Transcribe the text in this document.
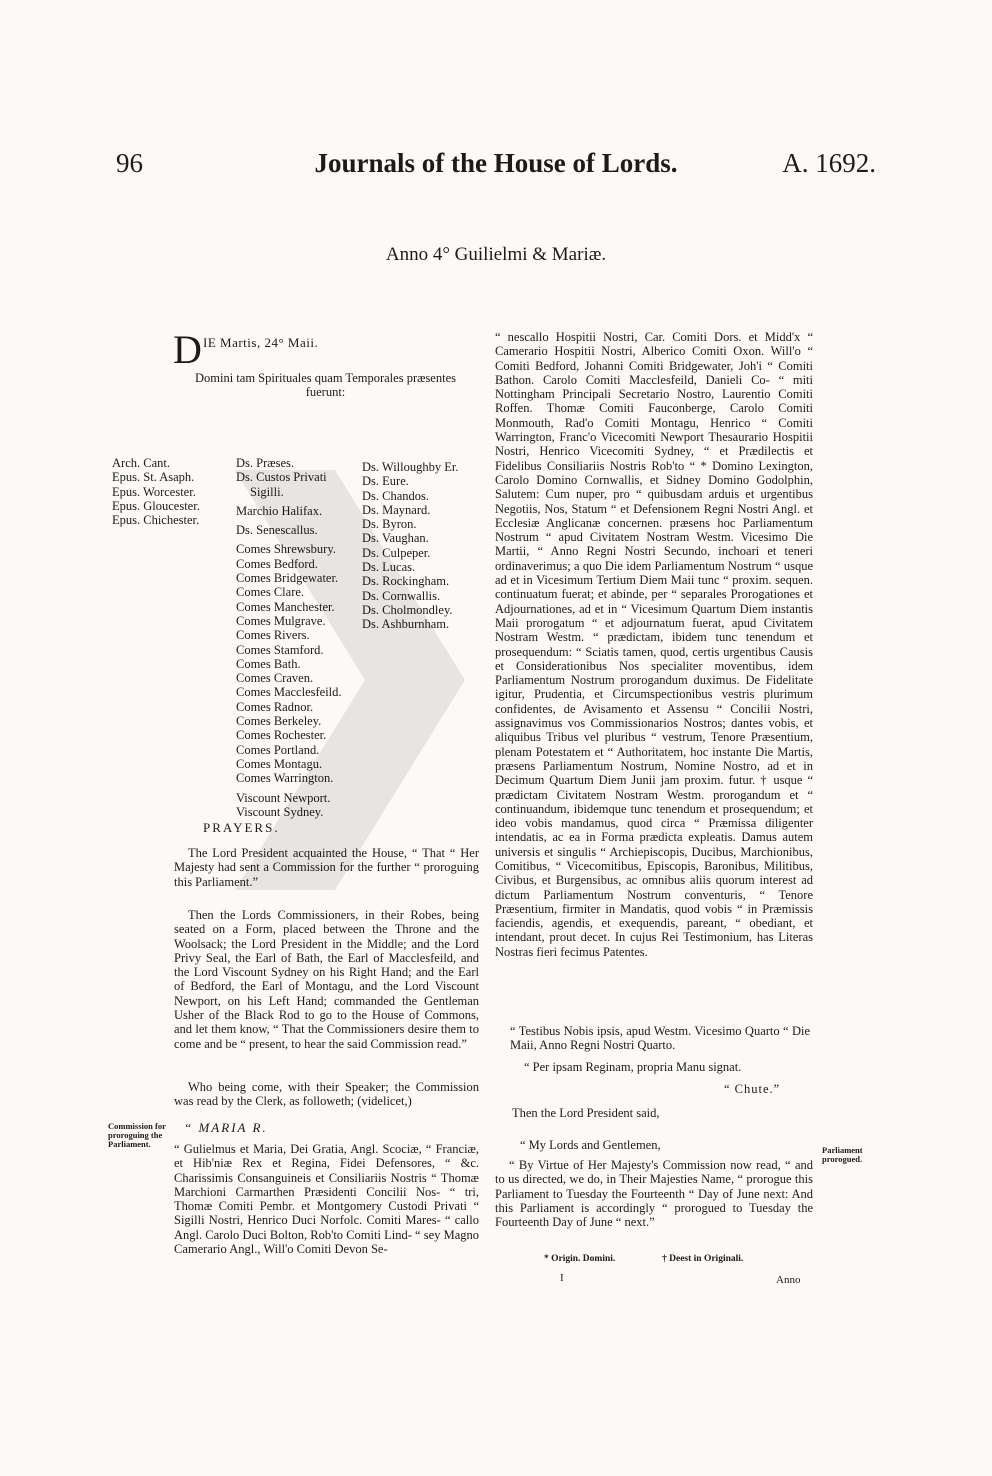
96	Journals of the House of Lords.	A. 1692.
Anno 4° Guilielmi & Mariæ.
D IE Martis, 24° Maii.
Domini tam Spirituales quam Temporales præsentes fuerunt:
Arch. Cant.
Epus. St. Asaph.
Epus. Worcester.
Epus. Gloucester.
Epus. Chichester.
Ds. Præses.
Ds. Custos Privati
Sigilli.
Marchio Halifax.
Ds. Senescallus.
Comes Shrewsbury.
Comes Bedford.
Comes Bridgewater.
Comes Clare.
Comes Manchester.
Comes Mulgrave.
Comes Rivers.
Comes Stamford.
Comes Bath.
Comes Craven.
Comes Macclesfeild.
Comes Radnor.
Comes Berkeley.
Comes Rochester.
Comes Portland.
Comes Montagu.
Comes Warrington.
Viscount Newport.
Viscount Sydney.
Ds. Willoughby Er.
Ds. Eure.
Ds. Chandos.
Ds. Maynard.
Ds. Byron.
Ds. Vaughan.
Ds. Culpeper.
Ds. Lucas.
Ds. Rockingham.
Ds. Cornwallis.
Ds. Cholmondley.
Ds. Ashburnham.
PRAYERS.

The Lord President acquainted the House, “ That “ Her Majesty had sent a Commission for the further “ proroguing this Parliament.”

Then the Lords Commissioners, in their Robes, being seated on a Form, placed between the Throne and the Woolsack; the Lord President in the Middle; and the Lord Privy Seal, the Earl of Bath, the Earl of Macclesfeild, and the Lord Viscount Sydney on his Right Hand; and the Earl of Bedford, the Earl of Montagu, and the Lord Viscount Newport, on his Left Hand; commanded the Gentleman Usher of the Black Rod to go to the House of Commons, and let them know, “ That the Commissioners desire them to come and be “ present, to hear the said Commission read.”

Who being come, with their Speaker; the Commission was read by the Clerk, as followeth; (videlicet,)

Commission for proroguing the Parliament.
“ MARIA R.

“ Gulielmus et Maria, Dei Gratia, Angl. Scociæ, “ Franciæ, et Hib'niæ Rex et Regina, Fidei Defensores, “ &c. Charissimis Consanguineis et Consiliariis Nostris “ Thomæ Marchioni Carmarthen Præsidenti Concilii Nos- “ tri, Thomæ Comiti Pembr. et Montgomery Custodi Privati “ Sigilli Nostri, Henrico Duci Norfolc. Comiti Mares- “ callo Angl. Carolo Duci Bolton, Rob'to Comiti Lind- “ sey Magno Camerario Angl., Will'o Comiti Devon Se-

“ nescallo Hospitii Nostri, Car. Comiti Dors. et Midd'x “ Camerario Hospitii Nostri, Alberico Comiti Oxon. Will'o “ Comiti Bedford, Johanni Comiti Bridgewater, Joh'i “ Comiti Bathon. Carolo Comiti Macclesfeild, Danieli Co- “ miti Nottingham Principali Secretario Nostro, Laurentio Comiti Roffen. Thomæ Comiti Fauconberge, Carolo Comiti Monmouth, Rad'o Comiti Montagu, Henrico “ Comiti Warrington, Franc'o Vicecomiti Newport Thesaurario Hospitii Nostri, Henrico Vicecomiti Sydney, “ et Prædilectis et Fidelibus Consiliariis Nostris Rob'to “ * Domino Lexington, Carolo Domino Cornwallis, et Sidney Domino Godolphin, Salutem: Cum nuper, pro “ quibusdam arduis et urgentibus Negotiis, Nos, Statum “ et Defensionem Regni Nostri Angl. et Ecclesiæ Anglicanæ concernen. præsens hoc Parliamentum Nostrum “ apud Civitatem Nostram Westm. Vicesimo Die Martii, “ Anno Regni Nostri Secundo, inchoari et teneri ordinaverimus; a quo Die idem Parliamentum Nostrum “ usque ad et in Vicesimum Tertium Diem Maii tunc “ proxim. sequen. continuatum fuerat; et abinde, per “ separales Prorogationes et Adjournationes, ad et in “ Vicesimum Quartum Diem instantis Maii prorogatum “ et adjournatum fuerat, apud Civitatem Nostram Westm. “ prædictam, ibidem tunc tenendum et prosequendum: “ Sciatis tamen, quod, certis urgentibus Causis et Considerationibus Nos specialiter moventibus, idem Parliamentum Nostrum prorogandum duximus. De Fidelitate igitur, Prudentia, et Circumspectionibus vestris plurimum confidentes, de Avisamento et Assensu “ Concilii Nostri, assignavimus vos Commissionarios Nostros; dantes vobis, et aliquibus Tribus vel pluribus “ vestrum, Tenore Præsentium, plenam Potestatem et “ Authoritatem, hoc instante Die Martis, præsens Parliamentum Nostrum, Nomine Nostro, ad et in Decimum Quartum Diem Junii jam proxim. futur. † usque “ prædictam Civitatem Nostram Westm. prorogandum et “ continuandum, ibidemque tunc tenendum et prosequendum; et ideo vobis mandamus, quod circa “ Præmissa diligenter intendatis, ac ea in Forma prædicta expleatis. Damus autem universis et singulis “ Archiepiscopis, Ducibus, Marchionibus, Comitibus, “ Vicecomitibus, Episcopis, Baronibus, Militibus, Civibus, et Burgensibus, ac omnibus aliis quorum interest ad dictum Parliamentum Nostrum conventuris, “ Tenore Præsentium, firmiter in Mandatis, quod vobis “ in Præmissis faciendis, agendis, et exequendis, pareant, “ obediant, et intendant, prout decet. In cujus Rei Testimonium, has Literas Nostras fieri fecimus Patentes.

“ Testibus Nobis ipsis, apud Westm. Vicesimo Quarto “ Die Maii, Anno Regni Nostri Quarto.
“ Per ipsam Reginam, propria Manu signat.
“ Chute.”
Then the Lord President said,
“ My Lords and Gentlemen,	Parliament prorogued.

“ By Virtue of Her Majesty's Commission now read, “ and to us directed, we do, in Their Majesties Name, “ prorogue this Parliament to Tuesday the Fourteenth “ Day of June next: And this Parliament is accordingly “ prorogued to Tuesday the Fourteenth Day of June “ next.”

* Origin. Domini.	† Deest in Originali.
I	Anno
